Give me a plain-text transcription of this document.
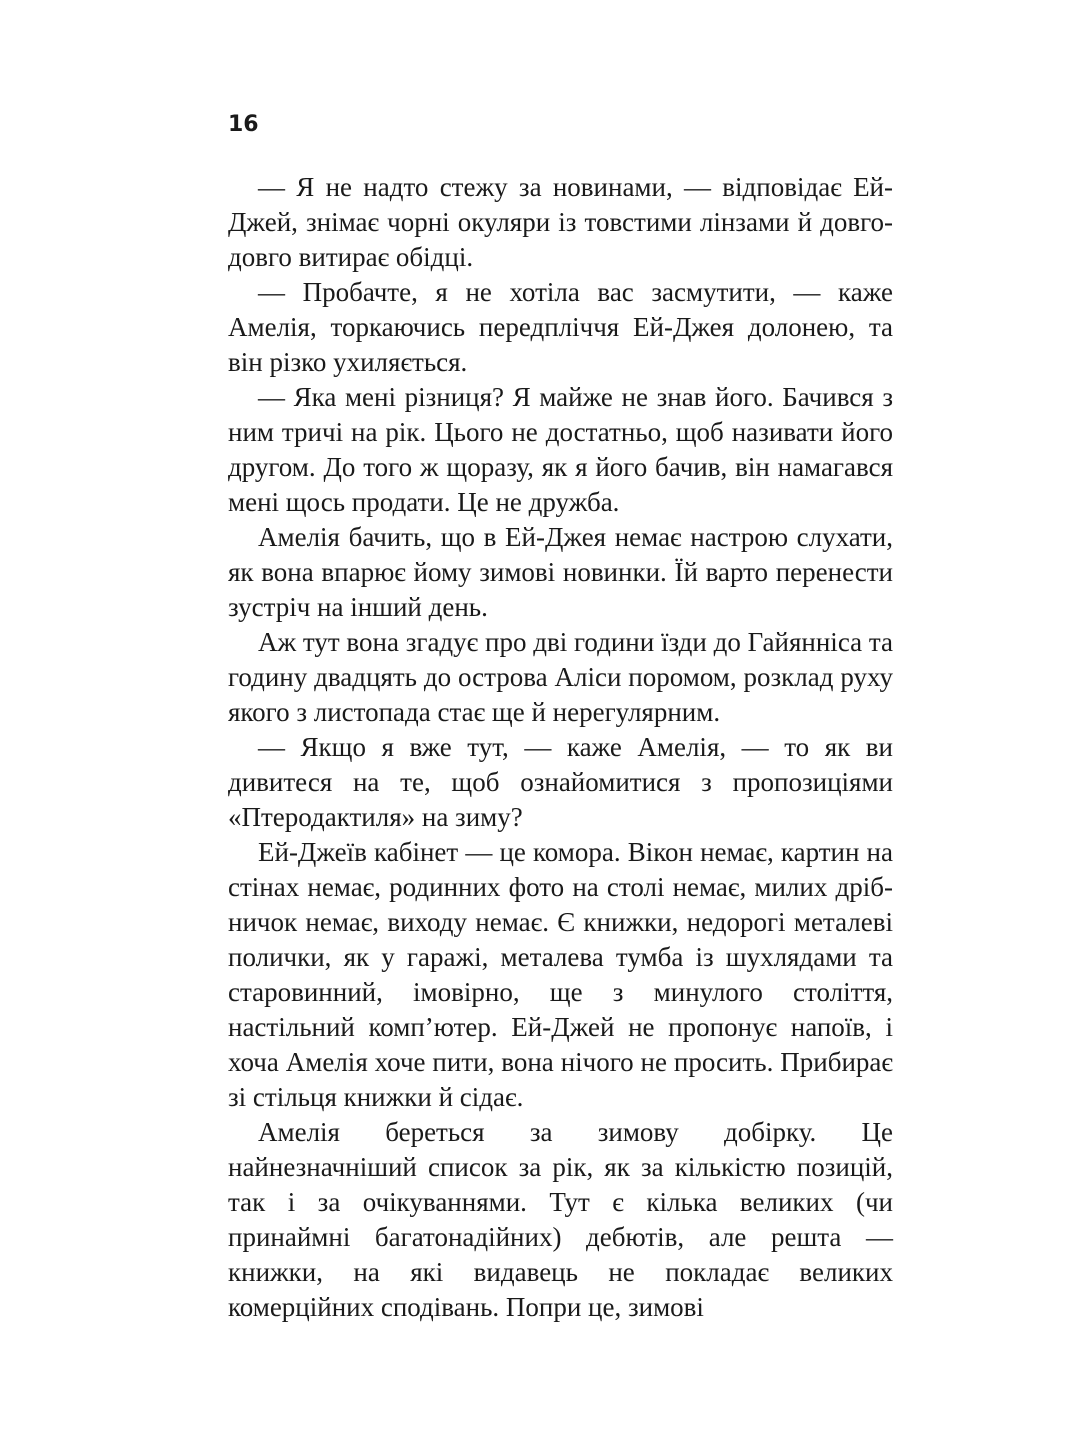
16

— Я не надто стежу за новинами, — відповідає Ей-Джей, знімає чорні окуляри із товстими лінзами й довго-довго витирає обідці.

— Пробачте, я не хотіла вас засмутити, — каже Амелія, торкаючись передпліччя Ей-Джея долонею, та він різко ухиляється.

— Яка мені різниця? Я майже не знав його. Бачився з ним тричі на рік. Цього не достатньо, щоб називати його другом. До того ж щоразу, як я його бачив, він намагався мені щось продати. Це не дружба.

Амелія бачить, що в Ей-Джея немає настрою слухати, як вона впарює йому зимові новинки. Їй варто перенести зустріч на інший день.

Аж тут вона згадує про дві години їзди до Гайянніса та годину двадцять до острова Аліси поромом, розклад руху якого з листопада стає ще й нерегулярним.

— Якщо я вже тут, — каже Амелія, — то як ви дивитеся на те, щоб ознайомитися з пропозиціями «Птеродактиля» на зиму?

Ей-Джеїв кабінет — це комора. Вікон немає, картин на стінах немає, родинних фото на столі немає, милих дрібничок немає, виходу немає. Є книжки, недорогі металеві полички, як у гаражі, металева тумба із шухлядами та старовинний, імовірно, ще з минулого століття, настільний комп’ютер. Ей-Джей не пропонує напоїв, і хоча Амелія хоче пити, вона нічого не просить. Прибирає зі стільця книжки й сідає.

Амелія береться за зимову добірку. Це найнезначніший список за рік, як за кількістю позицій, так і за очікуваннями. Тут є кілька великих (чи принаймні багатонадійних) дебютів, але решта — книжки, на які видавець не покладає великих комерційних сподівань. Попри це, зимові
